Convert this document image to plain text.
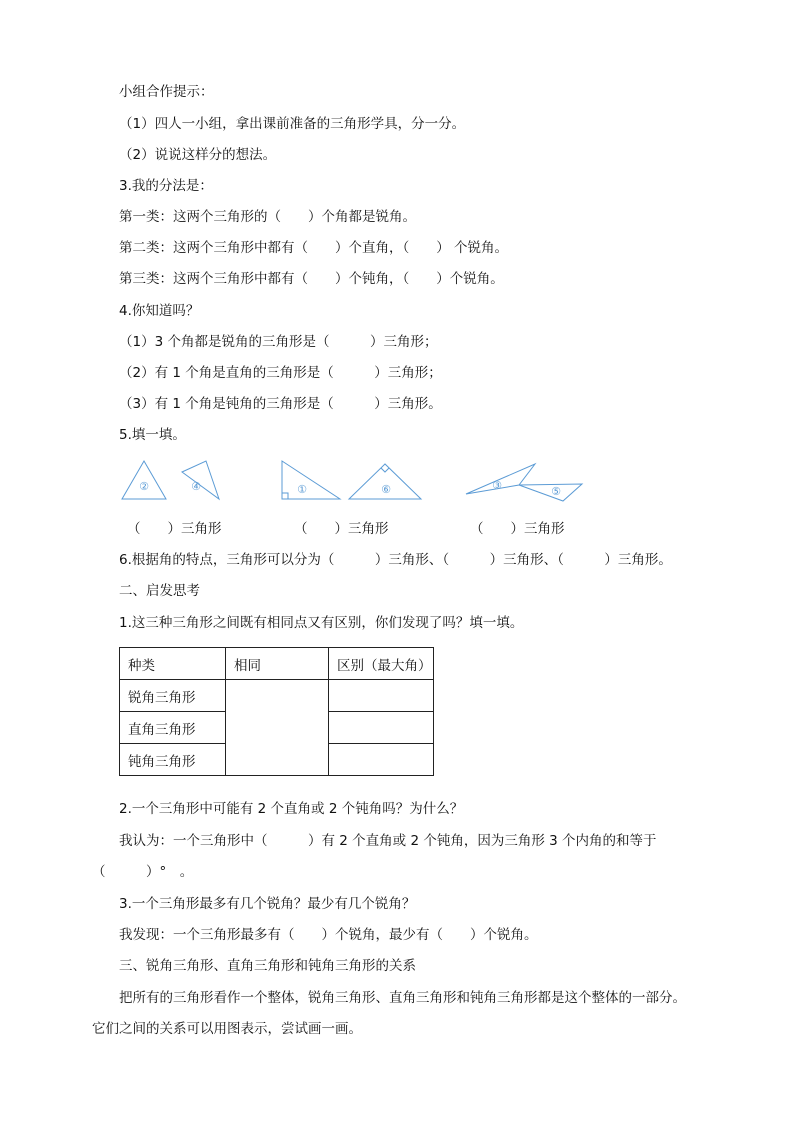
小组合作提示：
（1）四人一小组，拿出课前准备的三角形学具，分一分。
（2）说说这样分的想法。
3.我的分法是：
第一类：这两个三角形的（　　）个角都是锐角。
第二类：这两个三角形中都有（　　）个直角，（　　） 个锐角。
第三类：这两个三角形中都有（　　）个钝角，（　　）个锐角。
4.你知道吗？
（1）3 个角都是锐角的三角形是（　　　）三角形；
（2）有 1 个角是直角的三角形是（　　　）三角形；
（3）有 1 个角是钝角的三角形是（　　　）三角形。
5.填一填。
②	④	①	⑥	③	⑤
（　　）三角形	（　　）三角形	（　　）三角形
6.根据角的特点，三角形可以分为（　　　）三角形、（　　　）三角形、（　　　）三角形。
二、启发思考
1.这三种三角形之间既有相同点又有区别，你们发现了吗？填一填。
种类	相同	区别（最大角）
锐角三角形		
直角三角形		
钝角三角形		
2.一个三角形中可能有 2 个直角或 2 个钝角吗？为什么？
我认为：一个三角形中（　　　）有 2 个直角或 2 个钝角，因为三角形 3 个内角的和等于
（　　　）°　。
3.一个三角形最多有几个锐角？最少有几个锐角？
我发现：一个三角形最多有（　　）个锐角，最少有（　　）个锐角。
三、锐角三角形、直角三角形和钝角三角形的关系
把所有的三角形看作一个整体，锐角三角形、直角三角形和钝角三角形都是这个整体的一部分。
它们之间的关系可以用图表示，尝试画一画。
